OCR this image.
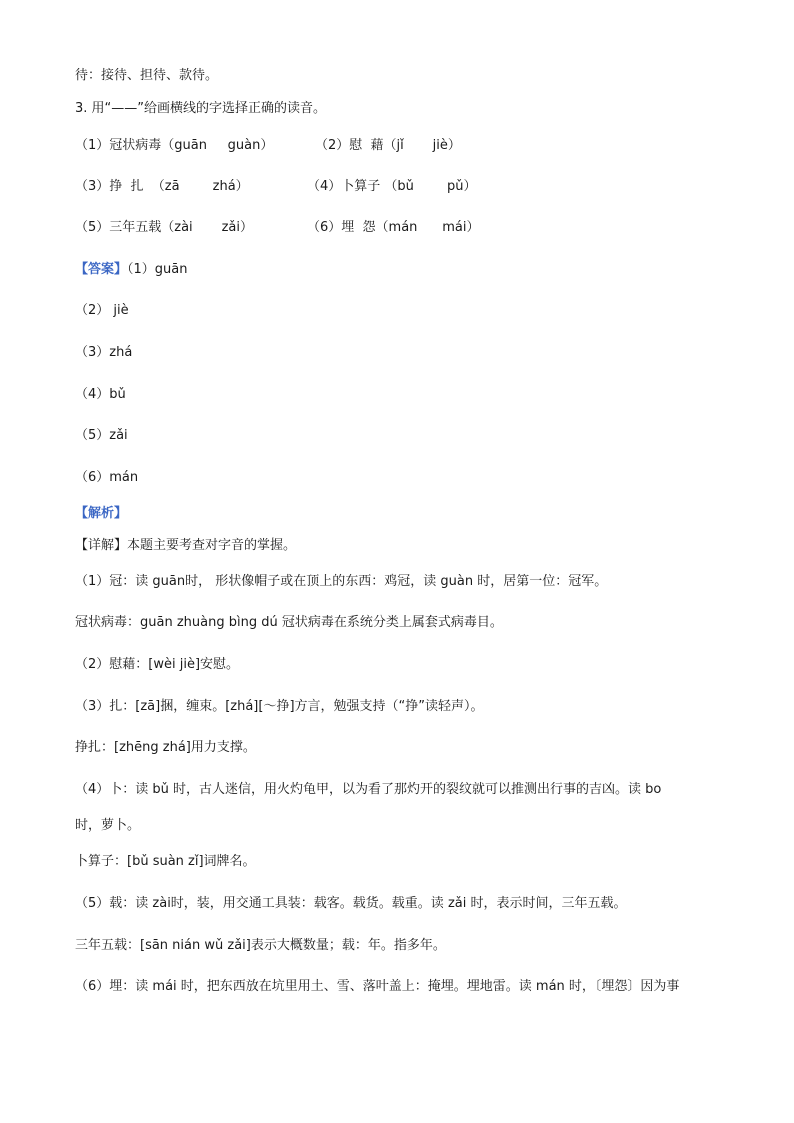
待：接待、担待、款待。
3. 用“——”给画横线的字选择正确的读音。

（1）冠状病毒（guān     guàn）

	（2）慰  藉（jǐ       jiè）

（3）挣  扎  （zā        zhá）

	（4）卜算子 （bǔ        pǔ）

（5）三年五载（zài       zǎi）

	（6）埋  怨（mán      mái）

【答案】（1）guān
（2） jiè
（3）zhá
（4）bǔ
（5）zǎi
（6）mán
【解析】
【详解】本题主要考查对字音的掌握。
（1）冠：读 guān时， 形状像帽子或在顶上的东西：鸡冠，读 guàn 时，居第一位：冠军。
冠状病毒：guān zhuàng bìng dú 冠状病毒在系统分类上属套式病毒目。
（2）慰藉：[wèi jiè]安慰。
（3）扎：[zā]捆，缠束。[zhá][～挣]方言，勉强支持（“挣”读轻声）。
挣扎：[zhēng zhá]用力支撑。
（4）卜：读 bǔ 时，古人迷信，用火灼龟甲，以为看了那灼开的裂纹就可以推测出行事的吉凶。读 bo
时，萝卜。
卜算子：[bǔ suàn zǐ]词牌名。
（5）载：读 zài时，装，用交通工具装：载客。载货。载重。读 zǎi 时，表示时间，三年五载。
三年五载：[sān nián wǔ zǎi]表示大概数量；载：年。指多年。
（6）埋：读 mái 时，把东西放在坑里用土、雪、落叶盖上：掩埋。埋地雷。读 mán 时，〔埋怨〕因为事
